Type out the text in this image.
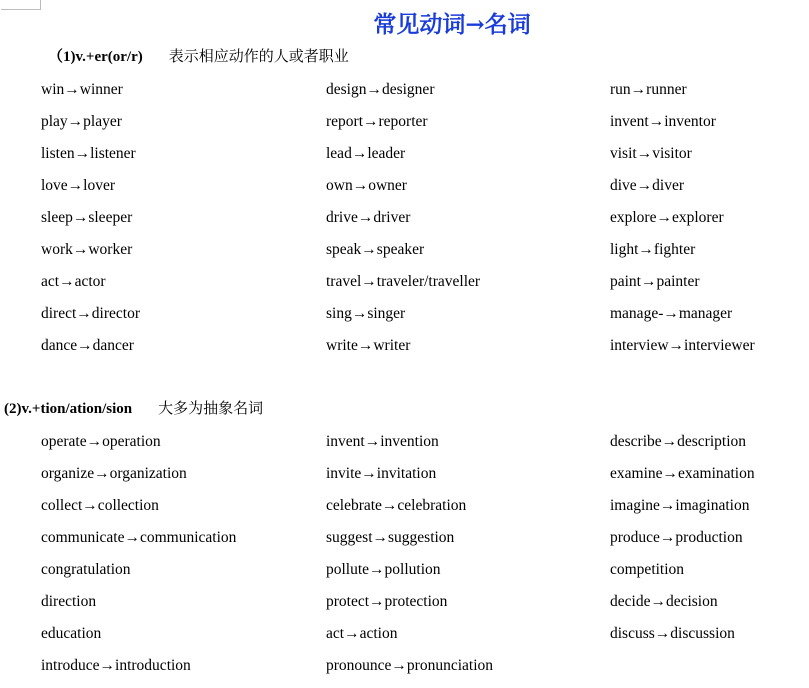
常见动词→名词
（1)v.+er(or/r) 表示相应动作的人或者职业
win→winner	design→designer	run→runner
play→player	report→reporter	invent→inventor
listen→listener	lead→leader	visit→visitor
love→lover	own→owner	dive→diver
sleep→sleeper	drive→driver	explore→explorer
work→worker	speak→speaker	light→fighter
act→actor	travel→traveler/traveller	paint→painter
direct→director	sing→singer	manage-→manager
dance→dancer	write→writer	interview→interviewer
(2)v.+tion/ation/sion 大多为抽象名词
operate→operation	invent→invention	describe→description
organize→organization	invite→invitation	examine→examination
collect→collection	celebrate→celebration	imagine→imagination
communicate→communication	suggest→suggestion	produce→production
congratulation	pollute→pollution	competition
direction	protect→protection	decide→decision
education	act→action	discuss→discussion
introduce→introduction	pronounce→pronunciation
